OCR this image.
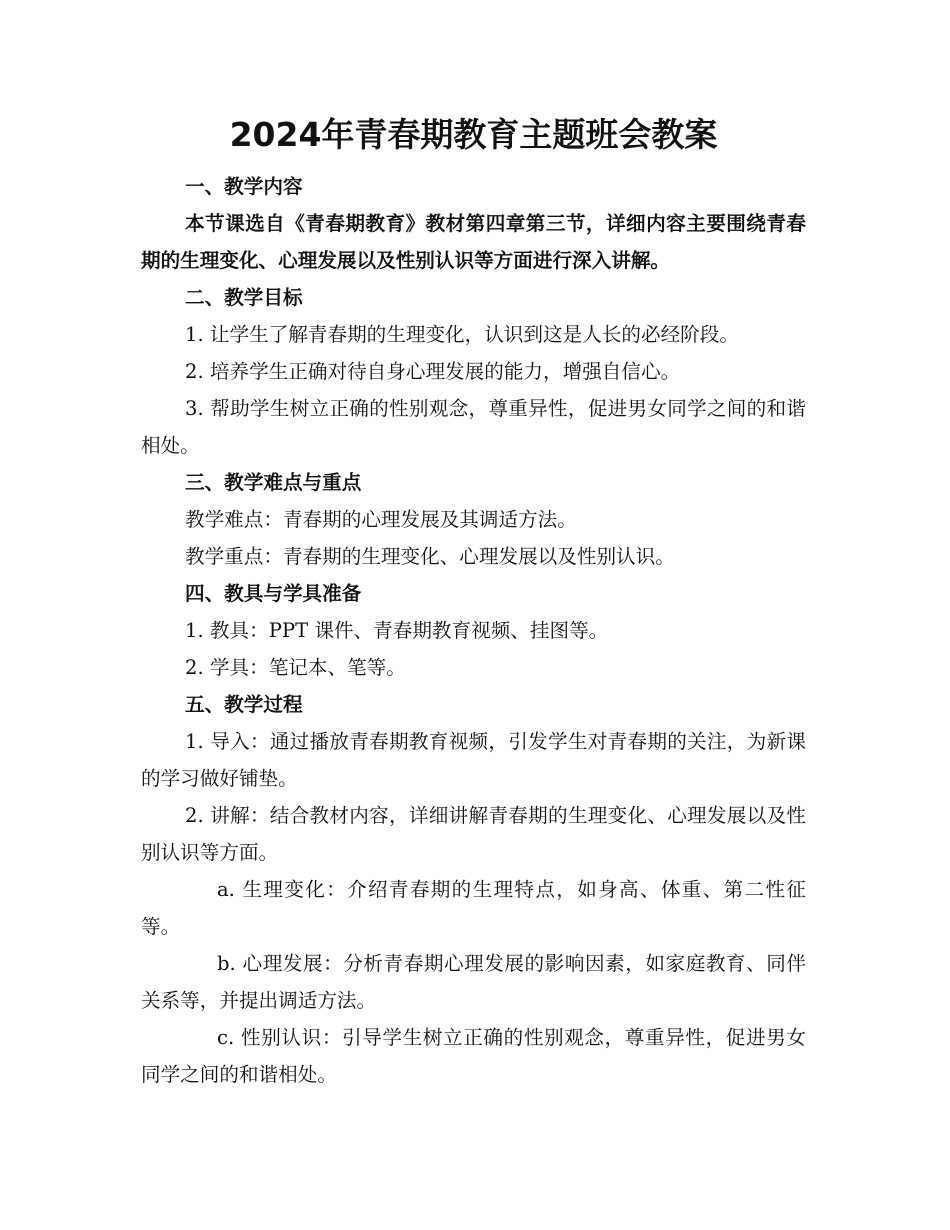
2024年青春期教育主题班会教案

一、教学内容

本节课选自《青春期教育》教材第四章第三节，详细内容主要围绕青春期的生理变化、心理发展以及性别认识等方面进行深入讲解。

二、教学目标

1. 让学生了解青春期的生理变化，认识到这是人长的必经阶段。

2. 培养学生正确对待自身心理发展的能力，增强自信心。

3. 帮助学生树立正确的性别观念，尊重异性，促进男女同学之间的和谐相处。

三、教学难点与重点

教学难点：青春期的心理发展及其调适方法。

教学重点：青春期的生理变化、心理发展以及性别认识。

四、教具与学具准备

1. 教具：PPT 课件、青春期教育视频、挂图等。

2. 学具：笔记本、笔等。

五、教学过程

1. 导入：通过播放青春期教育视频，引发学生对青春期的关注，为新课的学习做好铺垫。

2. 讲解：结合教材内容，详细讲解青春期的生理变化、心理发展以及性别认识等方面。

a. 生理变化：介绍青春期的生理特点，如身高、体重、第二性征等。

b. 心理发展：分析青春期心理发展的影响因素，如家庭教育、同伴关系等，并提出调适方法。

c. 性别认识：引导学生树立正确的性别观念，尊重异性，促进男女同学之间的和谐相处。
